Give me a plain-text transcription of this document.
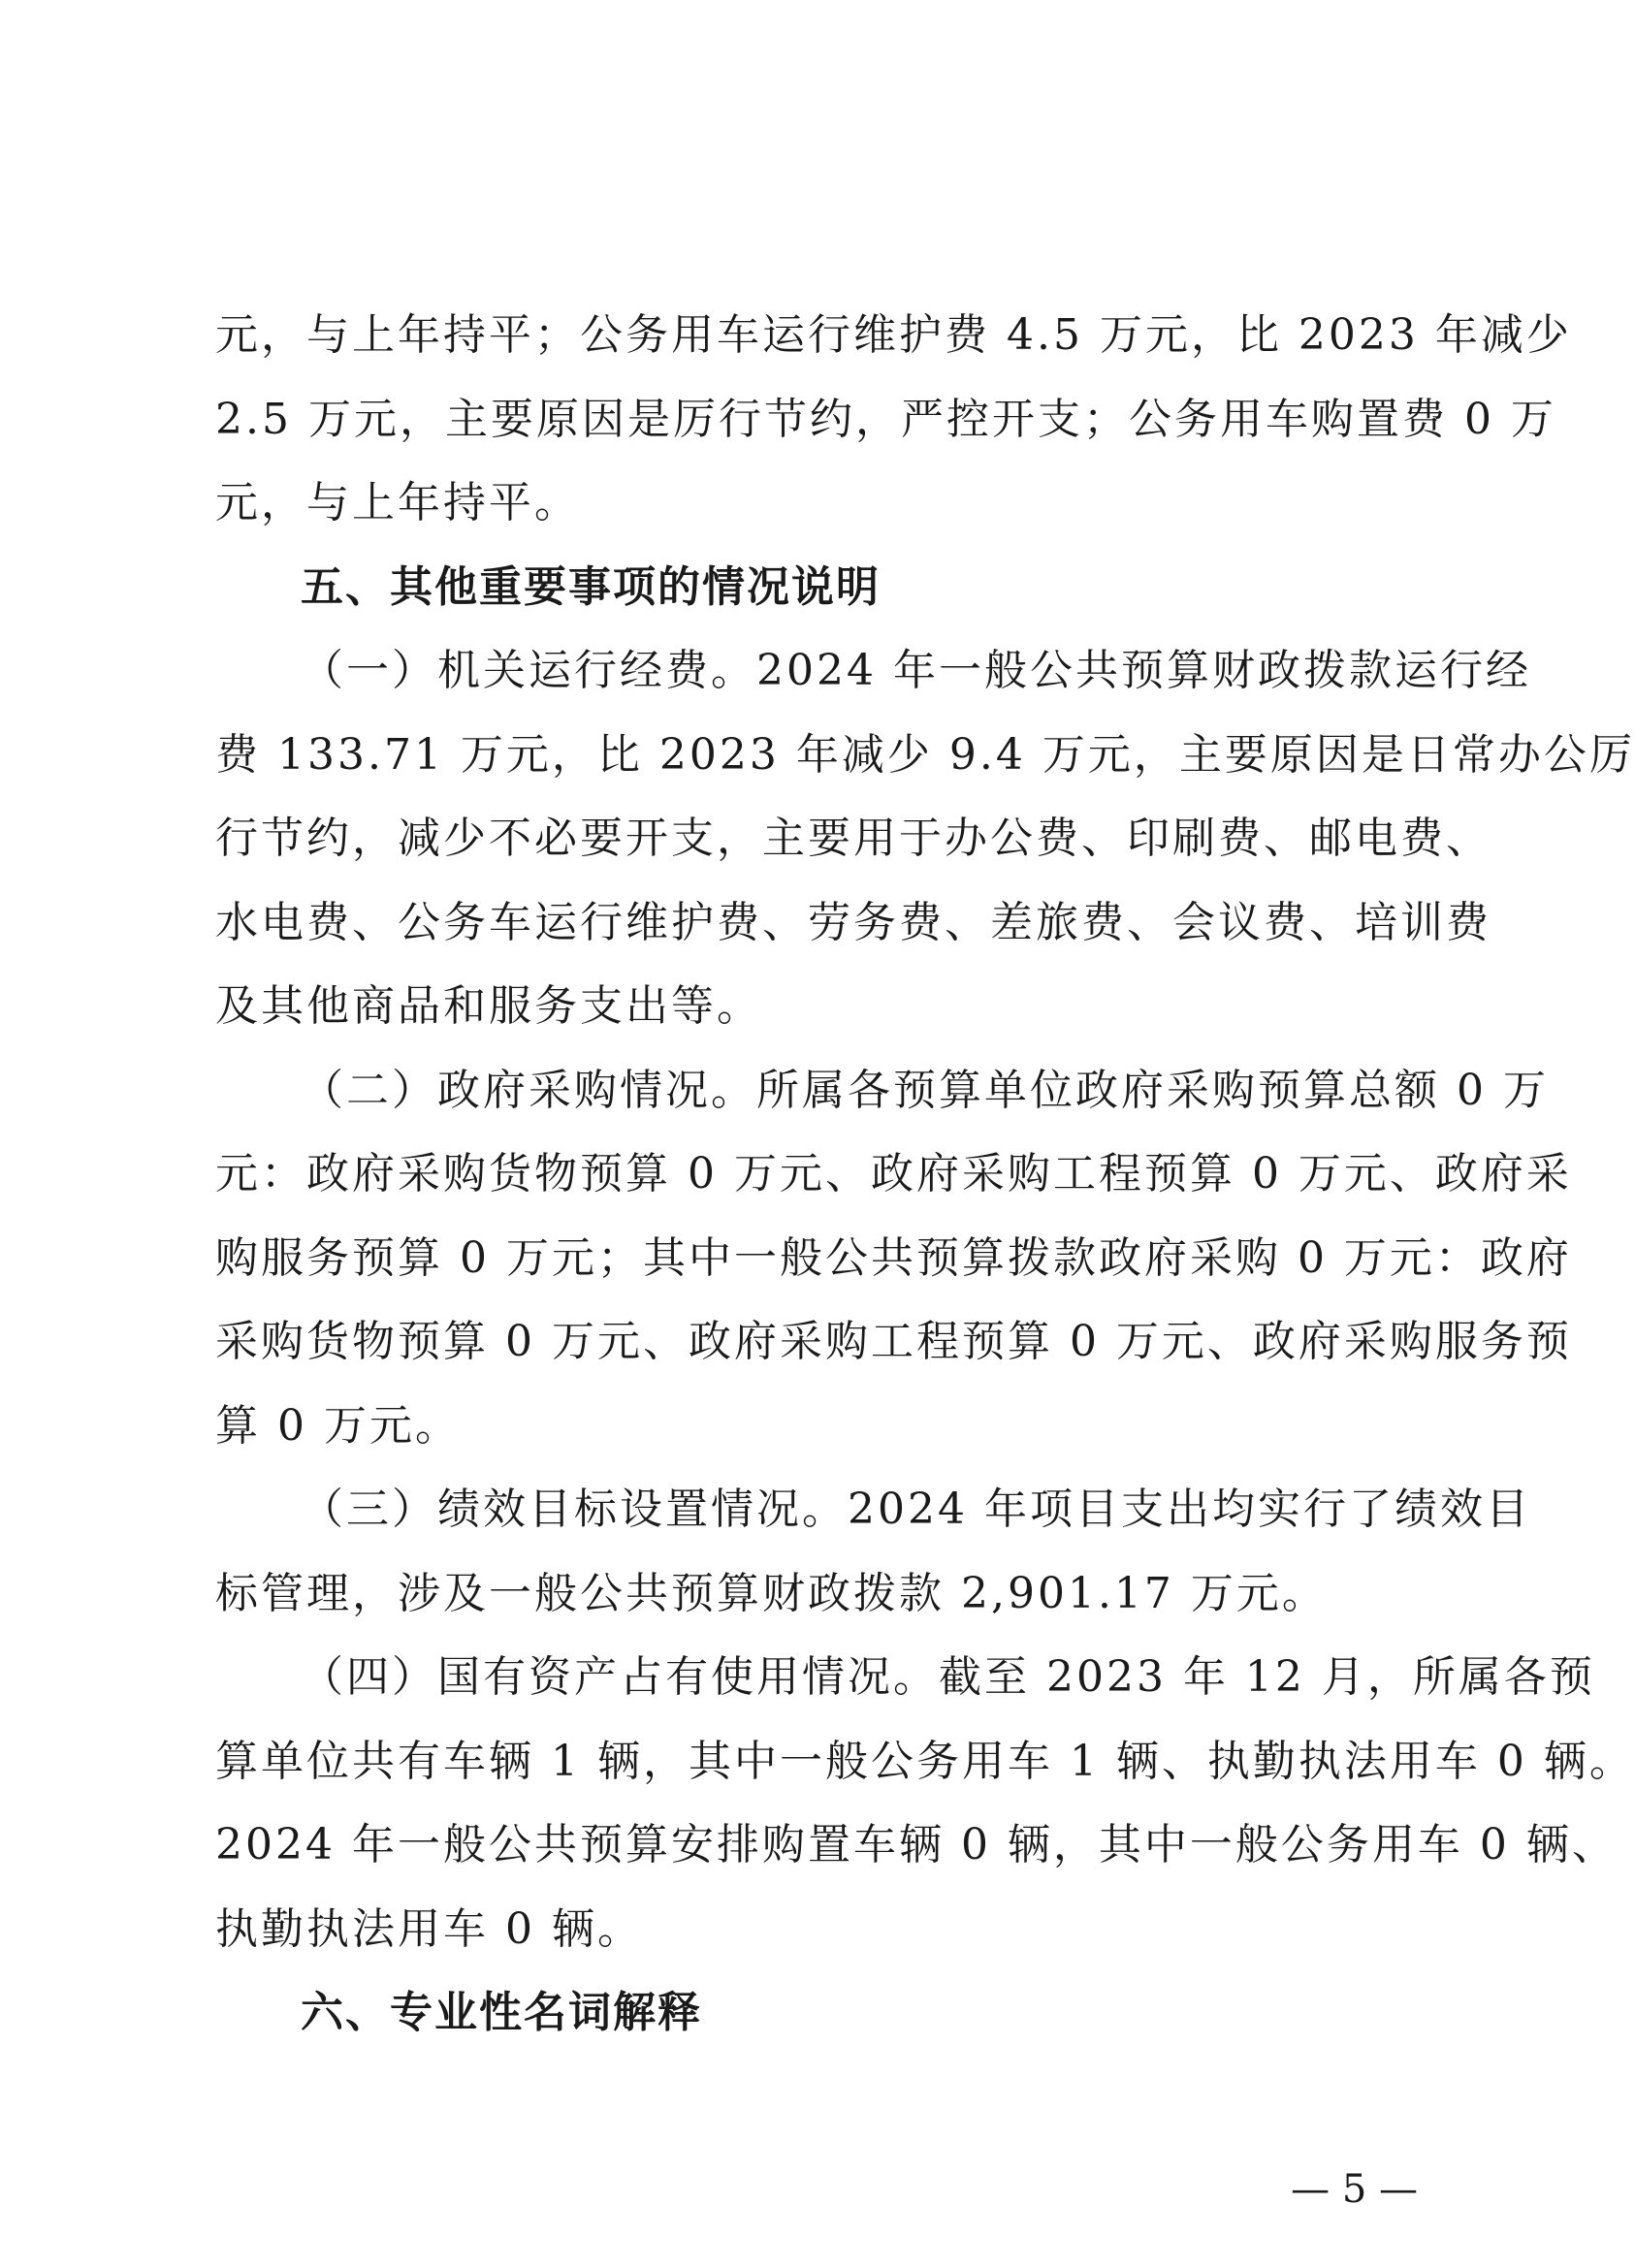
元，与上年持平；公务用车运行维护费 4.5 万元，比 2023 年减少
2.5 万元，主要原因是厉行节约，严控开支；公务用车购置费 0 万
元，与上年持平。
五、其他重要事项的情况说明
（一）机关运行经费。2024 年一般公共预算财政拨款运行经
费 133.71 万元，比 2023 年减少 9.4 万元，主要原因是日常办公厉
行节约，减少不必要开支，主要用于办公费、印刷费、邮电费、
水电费、公务车运行维护费、劳务费、差旅费、会议费、培训费
及其他商品和服务支出等。
（二）政府采购情况。所属各预算单位政府采购预算总额 0 万
元：政府采购货物预算 0 万元、政府采购工程预算 0 万元、政府采
购服务预算 0 万元；其中一般公共预算拨款政府采购 0 万元：政府
采购货物预算 0 万元、政府采购工程预算 0 万元、政府采购服务预
算 0 万元。
（三）绩效目标设置情况。2024 年项目支出均实行了绩效目
标管理，涉及一般公共预算财政拨款 2,901.17 万元。
（四）国有资产占有使用情况。截至 2023 年 12 月，所属各预
算单位共有车辆 1 辆，其中一般公务用车 1 辆、执勤执法用车 0 辆。
2024 年一般公共预算安排购置车辆 0 辆，其中一般公务用车 0 辆、
执勤执法用车 0 辆。
六、专业性名词解释
— 5 —
